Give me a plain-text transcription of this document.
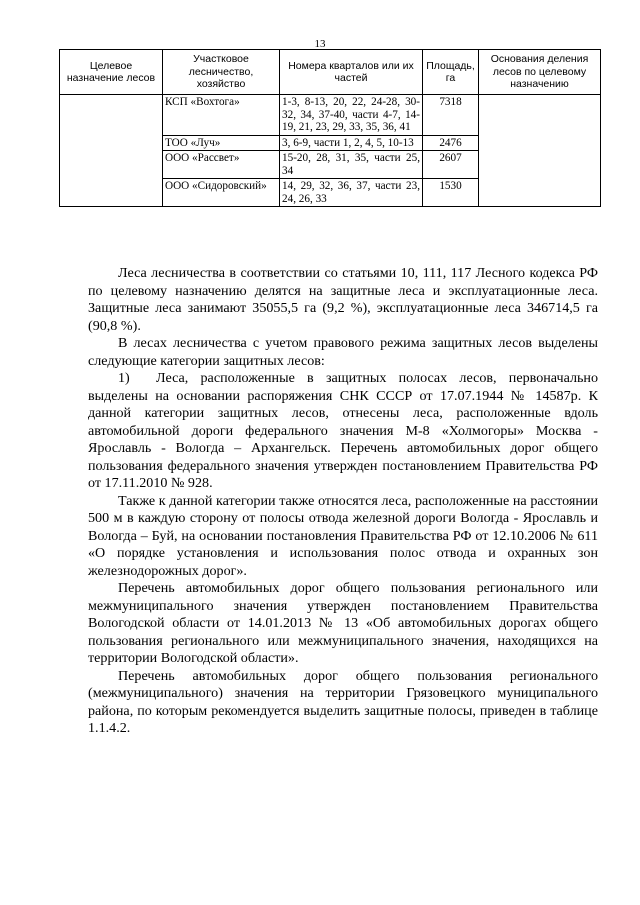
13
Целевое назначение лесов	Участковое лесничество, хозяйство	Номера кварталов или их частей	Площадь, га	Основания деления лесов по целевому назначению
	КСП «Вохтога»	1-3, 8-13, 20, 22, 24-28, 30-32, 34, 37-40, части 4-7, 14-19, 21, 23, 29, 33, 35, 36, 41	7318	
	ТОО «Луч»	3, 6-9, части 1, 2, 4, 5, 10-13	2476	
	ООО «Рассвет»	15-20, 28, 31, 35, части 25, 34	2607	
	ООО «Сидоровский»	14, 29, 32, 36, 37, части 23, 24, 26, 33	1530	

Леса лесничества в соответствии со статьями 10, 111, 117 Лесного кодекса РФ по целевому назначению делятся на защитные леса и эксплуатационные леса. Защитные леса занимают 35055,5 га (9,2 %), эксплуатационные леса 346714,5 га (90,8 %).

В лесах лесничества с учетом правового режима защитных лесов выделены следующие категории защитных лесов:

1) Леса, расположенные в защитных полосах лесов, первоначально выделены на основании распоряжения СНК СССР от 17.07.1944 № 14587р. К данной категории защитных лесов, отнесены леса, расположенные вдоль автомобильной дороги федерального значения М-8 «Холмогоры» Москва - Ярославль - Вологда – Архангельск. Перечень автомобильных дорог общего пользования федерального значения утвержден постановлением Правительства РФ от 17.11.2010 № 928.

Также к данной категории также относятся леса, расположенные на расстоянии 500 м в каждую сторону от полосы отвода железной дороги Вологда - Ярославль и Вологда – Буй, на основании постановления Правительства РФ от 12.10.2006 № 611 «О порядке установления и использования полос отвода и охранных зон железнодорожных дорог».

Перечень автомобильных дорог общего пользования регионального или межмуниципального значения утвержден постановлением Правительства Вологодской области от 14.01.2013 № 13 «Об автомобильных дорогах общего пользования регионального или межмуниципального значения, находящихся на территории Вологодской области».

Перечень автомобильных дорог общего пользования регионального (межмуниципального) значения на территории Грязовецкого муниципального района, по которым рекомендуется выделить защитные полосы, приведен в таблице 1.1.4.2.
